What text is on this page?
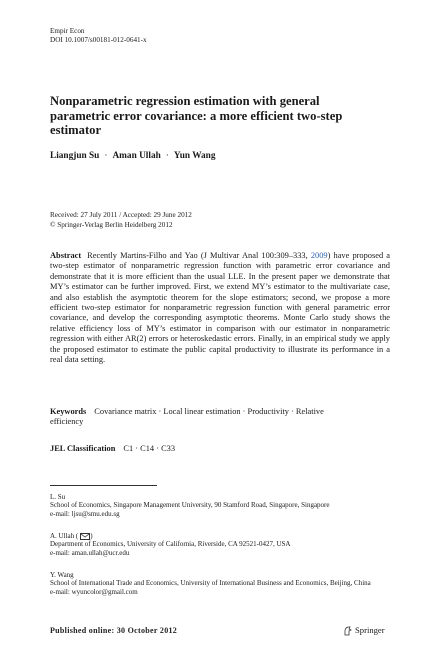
Empir Econ
DOI 10.1007/s00181-012-0641-x
Nonparametric regression estimation with general parametric error covariance: a more efficient two-step estimator
Liangjun Su · Aman Ullah · Yun Wang
Received: 27 July 2011 / Accepted: 29 June 2012
© Springer-Verlag Berlin Heidelberg 2012
Abstract Recently Martins-Filho and Yao (J Multivar Anal 100:309–333, 2009) have proposed a two-step estimator of nonparametric regression function with parametric error covariance and demonstrate that it is more efficient than the usual LLE. In the present paper we demonstrate that MY’s estimator can be further improved. First, we extend MY’s estimator to the multivariate case, and also establish the asymptotic theorem for the slope estimators; second, we propose a more efficient two-step estimator for nonparametric regression function with general parametric error covariance, and develop the corresponding asymptotic theorems. Monte Carlo study shows the relative efficiency loss of MY’s estimator in comparison with our estimator in nonparametric regression with either AR(2) errors or heteroskedastic errors. Finally, in an empirical study we apply the proposed estimator to estimate the public capital productivity to illustrate its performance in a real data setting.
Keywords Covariance matrix · Local linear estimation · Productivity · Relative efficiency
JEL Classification C1 · C14 · C33
L. Su
School of Economics, Singapore Management University, 90 Stamford Road, Singapore, Singapore
e-mail: ljsu@smu.edu.sg
A. Ullah ( )
Department of Economics, University of California, Riverside, CA 92521-0427, USA
e-mail: aman.ullah@ucr.edu
Y. Wang
School of International Trade and Economics, University of International Business and Economics, Beijing, China
e-mail: wyuncolor@gmail.com
Published online: 30 October 2012	Springer
